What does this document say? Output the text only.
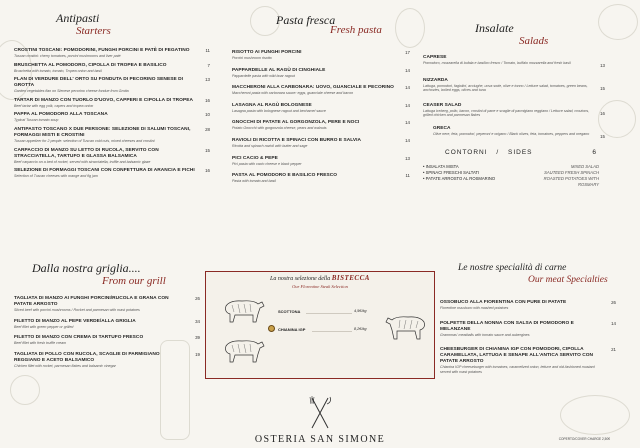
Antipasti
Starters
CROSTINI TOSCANI: POMODORINI, FUNGHI PORCINI E PATÈ DI FEGATINO
Tuscan crostini: cherry tomatoes, porcini mushrooms and liver paté
11
BRUSCHETTA AL POMODORO, CIPOLLA DI TROPEA E BASILICO
Bruschetta with tomato, tomato, Tropea onion and basil
7
FLAN DI VERDURE DELL' ORTO SU FONDUTA DI PECORINO SENESE DI GROTTA
Garden vegetables flan on Sienese pecorino cheese fondue from Grotta
13
TARTAR DI MANZO CON TUORLO D'UOVO, CAPPERI E CIPOLLA DI TROPEA
Beef tartar with egg yolk, capers and tropea onion
16
PAPPA AL POMODORO ALLA TOSCANA
Typical Tuscan tomato soup
10
ANTIPASTO TOSCANO X DUE PERSONE: SELEZIONE DI SALUMI TOSCANI, FORMAGGI MISTI E CROSTINI
Tuscan appetizer for 2 people: selection of Tuscan cold cuts, mixed cheeses and crostini
28
CARPACCIO DI MANZO SU LETTO DI RUCOLA, SERVITO CON STRACCIATELLA, TARTUFO E GLASSA BALSAMICA
Beef carpaccio on a bed of rocket, served with stracciatella, truffle and balsamic glaze
15
SELEZIONE DI FORMAGGI TOSCANI CON CONFETTURA DI ARANCIA E FICHI
Selection of Tuscan cheeses with orange and fig jam
16
Pasta fresca
Fresh pasta
RISOTTO AI FUNGHI PORCINI
Porcini mushroom risotto
17
PAPPARDELLE AL RAGÙ DI CINGHIALE
Pappardelle pasta with wild boar ragout
14
MACCHERONI ALLA CARBONARA: UOVO, GUANCIALE E PECORINO
Maccheroni pasta with carbonara sauce: eggs, guanciale cheese and bacon
14
LASAGNA AL RAGÙ BOLOGNESE
Lasagna pasta with bolognese ragout and bechamel sauce
14
GNOCCHI DI PATATE AL GORGONZOLA, PERE E NOCI
Potato Gnocchi with gorgonzola cheese, pears and walnuts
14
RAVIOLI DI RICOTTA E SPINACI CON BURRO E SALVIA
Ricotta and spinach ravioli with butter and sage
14
PICI CACIO & PEPE
Pici pasta with cacio cheese e black pepper
13
PASTA AL POMODORO E BASILICO FRESCO
Pasta with tomato and basil
11
Insalate
Salads
CAPRESE
Pomodoro, mozzarella di bufala e basilico fresco / Tomato, buffalo mozzarella and fresh basil	13
NIZZARDA
Lattuga, pomodori, fagiolini, acciughe, uova sode, olive e tonno / Lettuce salad, tomatoes, green beans, anchovies, boiled eggs, olives and tuna	15
CEASER SALAD
Lattuga iceberg, pollo, bacon, crostini di pane e scaglie di parmigiano reggiano / Lettuce salad, croutons, grilled chicken and parmesan flakes	16
GRECA
Olive nere, feta, pomodori, peperoni e origano / Black olives, feta, tomatoes, peppers and oregano	15
CONTORNI / SIDES	6
• INSALATA MISTA	MIXED SALAD
• SPINACI FRESCHI SALTATI	SAUTEED FRESH SPINACH
• PATATE ARROSTO AL ROSMARINO	ROASTED POTATOES WITH ROSMARY
Dalla nostra griglia....
From our grill
TAGLIATA DI MANZO AI FUNGHI PORCINI/RUCOLA E GRANA CON PATATE ARROSTO
Sliced beef with porcini mushrooms / Rocket and parmesan with roast potatoes
26
FILETTO DI MANZO AL PEPE VERDE/ALLA GRIGLIA
Beef fillet with green pepper or grilled
34
FILETTO DI MANZO CON CREMA DI TARTUFO FRESCO
Beef fillet with fresh truffle cream
39
TAGLIATA DI POLLO CON RUCOLA, SCAGLIE DI PARMIGIANO REGGIANO E ACETO BALSAMICO
Chicken fillet with rocket, parmesan flakes and balsamic vinegar
19
La nostra selezione della BISTECCA
Our Florentine Steak Selection
SCOTTONA	4,5€/kg
CHIANINA IGP	8,2€/kg
Le nostre specialità di carne
Our meat Specialties
OSSOBUCO ALLA FIORENTINA CON PURE DI PATATE
Florentine ossobuco with mashed potatoes
26
POLPETTE DELLA NONNA CON SALSA DI POMODORO E MELANZANE
Grannmas' meatballs with tomato sauce and aubergines
14
CHEESBURGER DI CHIANINA IGP CON POMODORI, CIPOLLA CARAMELLATA, LATTUGA E SENAPE ALL'ANTICA SERVITO CON PATATE ARROSTO
Chianina IGP cheeseburger with tomatoes, caramelized onion, lettuce and old-fashioned mustard served with roast potatoes
21
OSTERIA SAN SIMONE	COPERTO/COVER CHARGE 2,50€
